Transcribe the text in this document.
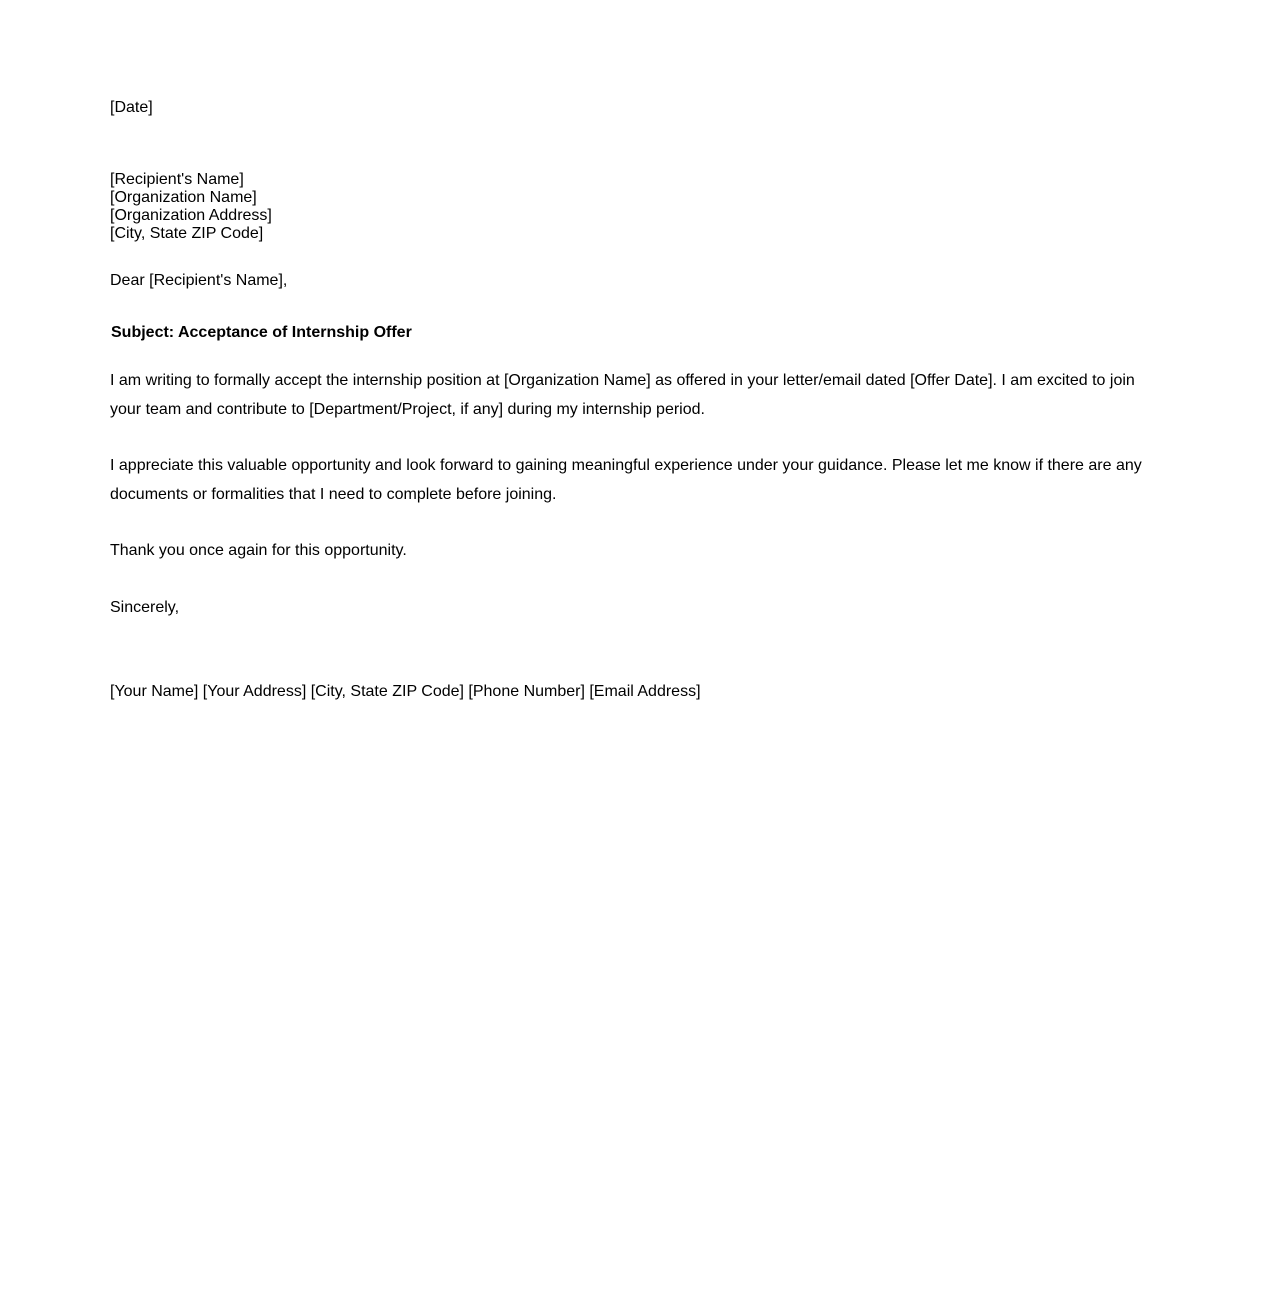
[Date]
[Recipient's Name]
[Organization Name]
[Organization Address]
[City, State ZIP Code]
Dear [Recipient's Name],
Subject: Acceptance of Internship Offer
I am writing to formally accept the internship position at [Organization Name] as offered in your letter/email dated [Offer Date]. I am excited to join your team and contribute to [Department/Project, if any] during my internship period.
I appreciate this valuable opportunity and look forward to gaining meaningful experience under your guidance. Please let me know if there are any documents or formalities that I need to complete before joining.
Thank you once again for this opportunity.
Sincerely,
[Your Name] [Your Address] [City, State ZIP Code] [Phone Number] [Email Address]
